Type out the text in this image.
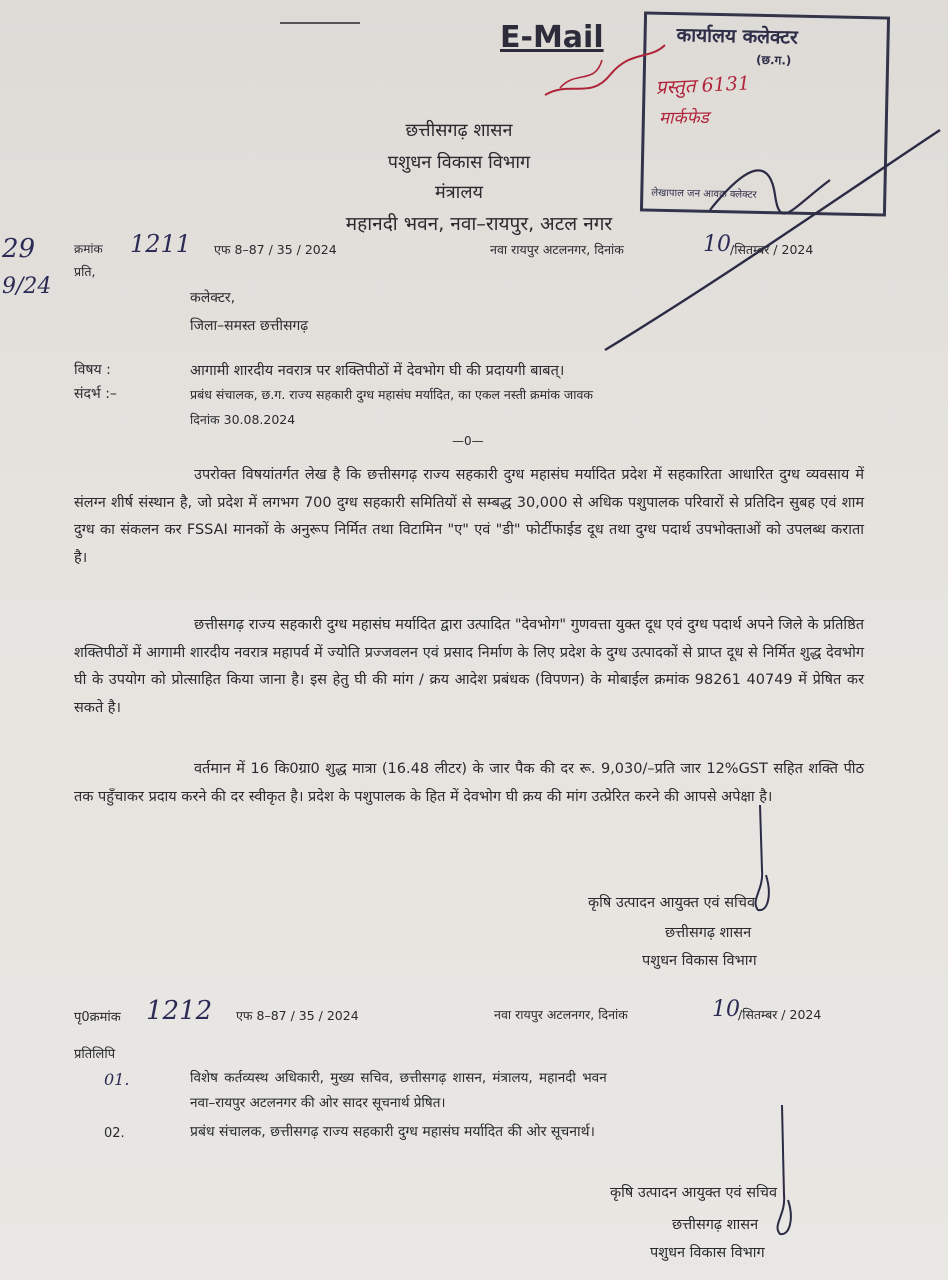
E-Mail	कार्यालय कलेक्टर
(छ.ग.)
प्रस्तुत 6131
मार्कफेड
लेखापाल जन आवक क्लेक्टर
29
9/24
छत्तीसगढ़ शासन
पशुधन विकास विभाग
मंत्रालय
महानदी भवन, नवा–रायपुर, अटल नगर
क्रमांक 1211 एफ 8–87 / 35 / 2024	नवा रायपुर अटलनगर, दिनांक	10 /सितम्बर / 2024
प्रति,
कलेक्टर,
जिला–समस्त छत्तीसगढ़
विषय :	आगामी शारदीय नवरात्र पर शक्तिपीठों में देवभोग घी की प्रदायगी बाबत्।
संदर्भ :–	प्रबंध संचालक, छ.ग. राज्य सहकारी दुग्ध महासंघ मर्यादित, का एकल नस्ती क्रमांक जावक
दिनांक 30.08.2024
—0—

उपरोक्त विषयांतर्गत लेख है कि छत्तीसगढ़ राज्य सहकारी दुग्ध महासंघ मर्यादित प्रदेश में सहकारिता आधारित दुग्ध व्यवसाय में संलग्न शीर्ष संस्थान है, जो प्रदेश में लगभग 700 दुग्ध सहकारी समितियों से सम्बद्ध 30,000 से अधिक पशुपालक परिवारों से प्रतिदिन सुबह एवं शाम दुग्ध का संकलन कर FSSAI मानकों के अनुरूप निर्मित तथा विटामिन "ए" एवं "डी" फोर्टीफाईड दूध तथा दुग्ध पदार्थ उपभोक्ताओं को उपलब्ध कराता है।

छत्तीसगढ़ राज्य सहकारी दुग्ध महासंघ मर्यादित द्वारा उत्पादित "देवभोग" गुणवत्ता युक्त दूध एवं दुग्ध पदार्थ अपने जिले के प्रतिष्ठित शक्तिपीठों में आगामी शारदीय नवरात्र महापर्व में ज्योति प्रज्जवलन एवं प्रसाद निर्माण के लिए प्रदेश के दुग्ध उत्पादकों से प्राप्त दूध से निर्मित शुद्ध देवभोग घी के उपयोग को प्रोत्साहित किया जाना है। इस हेतु घी की मांग / क्रय आदेश प्रबंधक (विपणन) के मोबाईल क्रमांक 98261 40749 में प्रेषित कर सकते है।

वर्तमान में 16 कि0ग्रा0 शुद्ध मात्रा (16.48 लीटर) के जार पैक की दर रू. 9,030/–प्रति जार 12%GST सहित शक्ति पीठ तक पहुँचाकर प्रदाय करने की दर स्वीकृत है। प्रदेश के पशुपालक के हित में देवभोग घी क्रय की मांग उत्प्रेरित करने की आपसे अपेक्षा है।

कृषि उत्पादन आयुक्त एवं सचिव
छत्तीसगढ़ शासन
पशुधन विकास विभाग
पृ0क्रमांक 1212 एफ 8–87 / 35 / 2024	नवा रायपुर अटलनगर, दिनांक	10
/सितम्बर / 2024
प्रतिलिपि
01.	विशेष कर्तव्यस्थ अधिकारी, मुख्य सचिव, छत्तीसगढ़ शासन, मंत्रालय, महानदी भवन
नवा–रायपुर अटलनगर की ओर सादर सूचनार्थ प्रेषित।
02.	प्रबंध संचालक, छत्तीसगढ़ राज्य सहकारी दुग्ध महासंघ मर्यादित की ओर सूचनार्थ।
कृषि उत्पादन आयुक्त एवं सचिव
छत्तीसगढ़ शासन
पशुधन विकास विभाग
